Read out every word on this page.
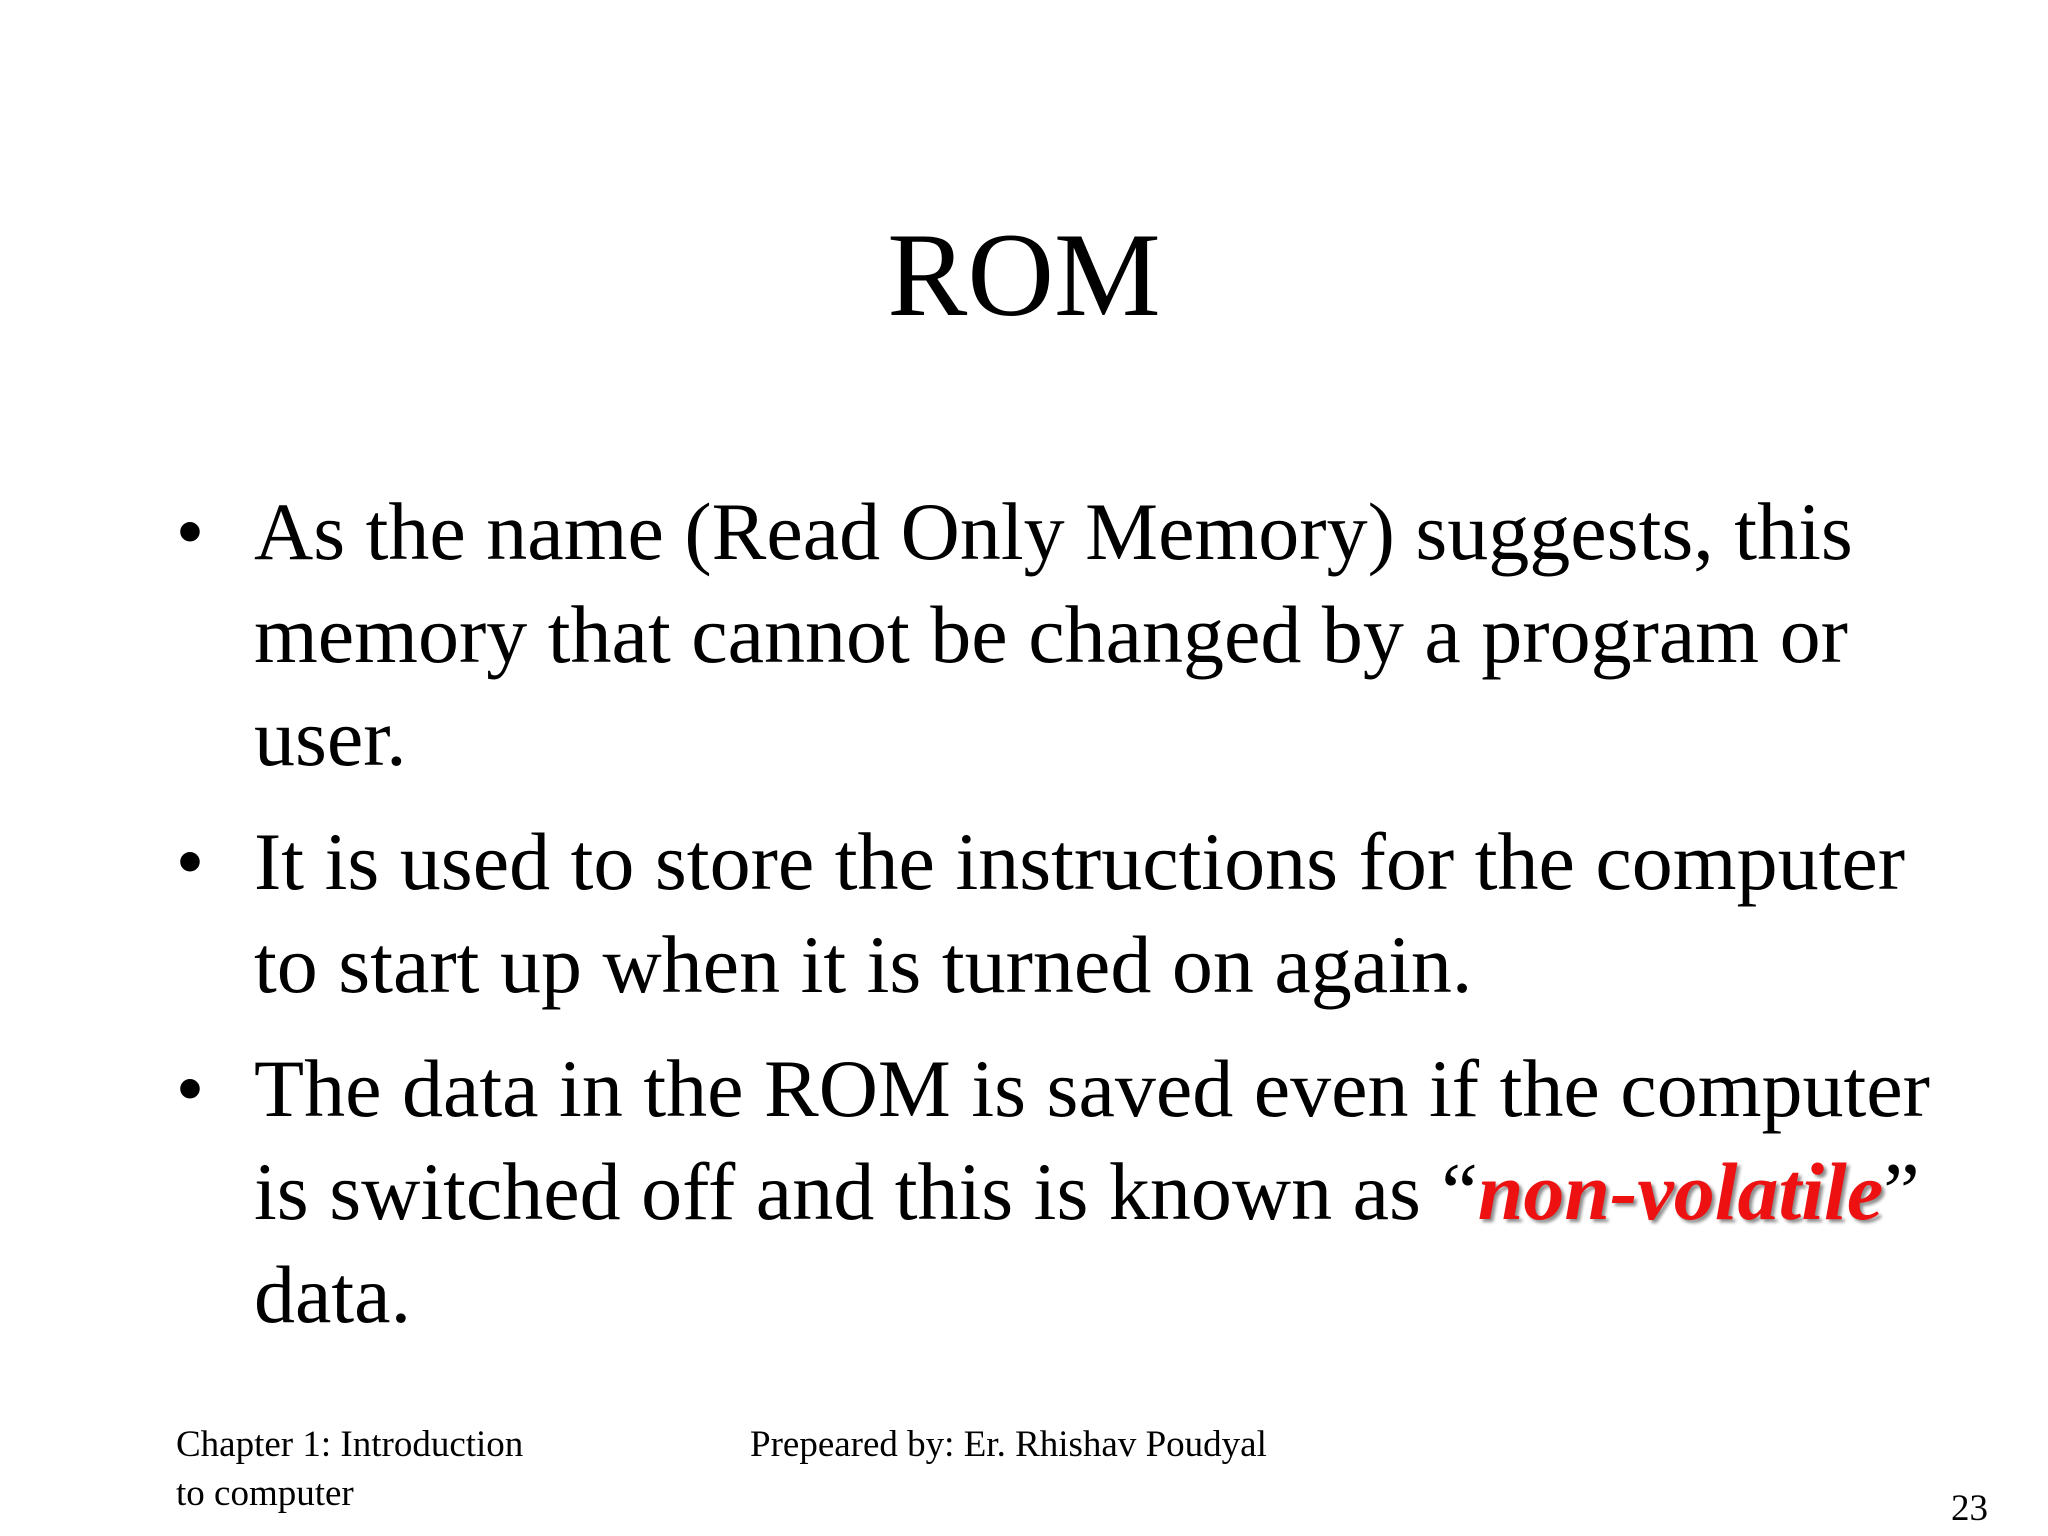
ROM
• As the name (Read Only Memory) suggests, this memory that cannot be changed by a program or user.
• It is used to store the instructions for the computer to start up when it is turned on again.
• The data in the ROM is saved even if the computer is switched off and this is known as “non-volatile” data.
Chapter 1: Introduction
to computer
Prepeared by: Er. Rhishav Poudyal
23
